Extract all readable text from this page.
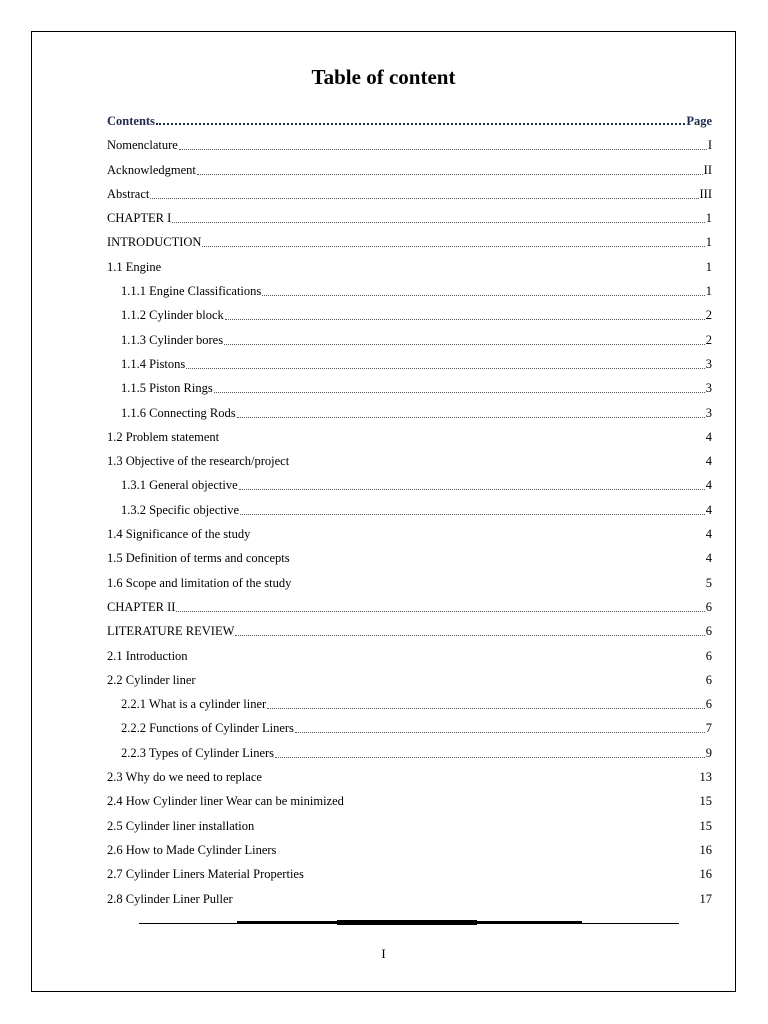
Table of content
Contents	Page
Nomenclature	I
Acknowledgment	II
Abstract	III
CHAPTER I	1
INTRODUCTION	1
1.1 Engine	1
1.1.1 Engine Classifications	1
1.1.2 Cylinder block	2
1.1.3 Cylinder bores	2
1.1.4 Pistons	3
1.1.5 Piston Rings	3
1.1.6 Connecting Rods	3
1.2 Problem statement	4
1.3 Objective of the research/project	4
1.3.1 General objective	4
1.3.2 Specific objective	4
1.4 Significance of the study	4
1.5 Definition of terms and concepts	4
1.6 Scope and limitation of the study	5
CHAPTER II	6
LITERATURE REVIEW	6
2.1 Introduction	6
2.2 Cylinder liner	6
2.2.1 What is a cylinder liner	6
2.2.2 Functions of Cylinder Liners	7
2.2.3 Types of Cylinder Liners	9
2.3 Why do we need to replace	13
2.4 How Cylinder liner Wear can be minimized	15
2.5 Cylinder liner installation	15
2.6 How to Made Cylinder Liners	16
2.7 Cylinder Liners Material Properties	16
2.8 Cylinder Liner Puller	17
I
